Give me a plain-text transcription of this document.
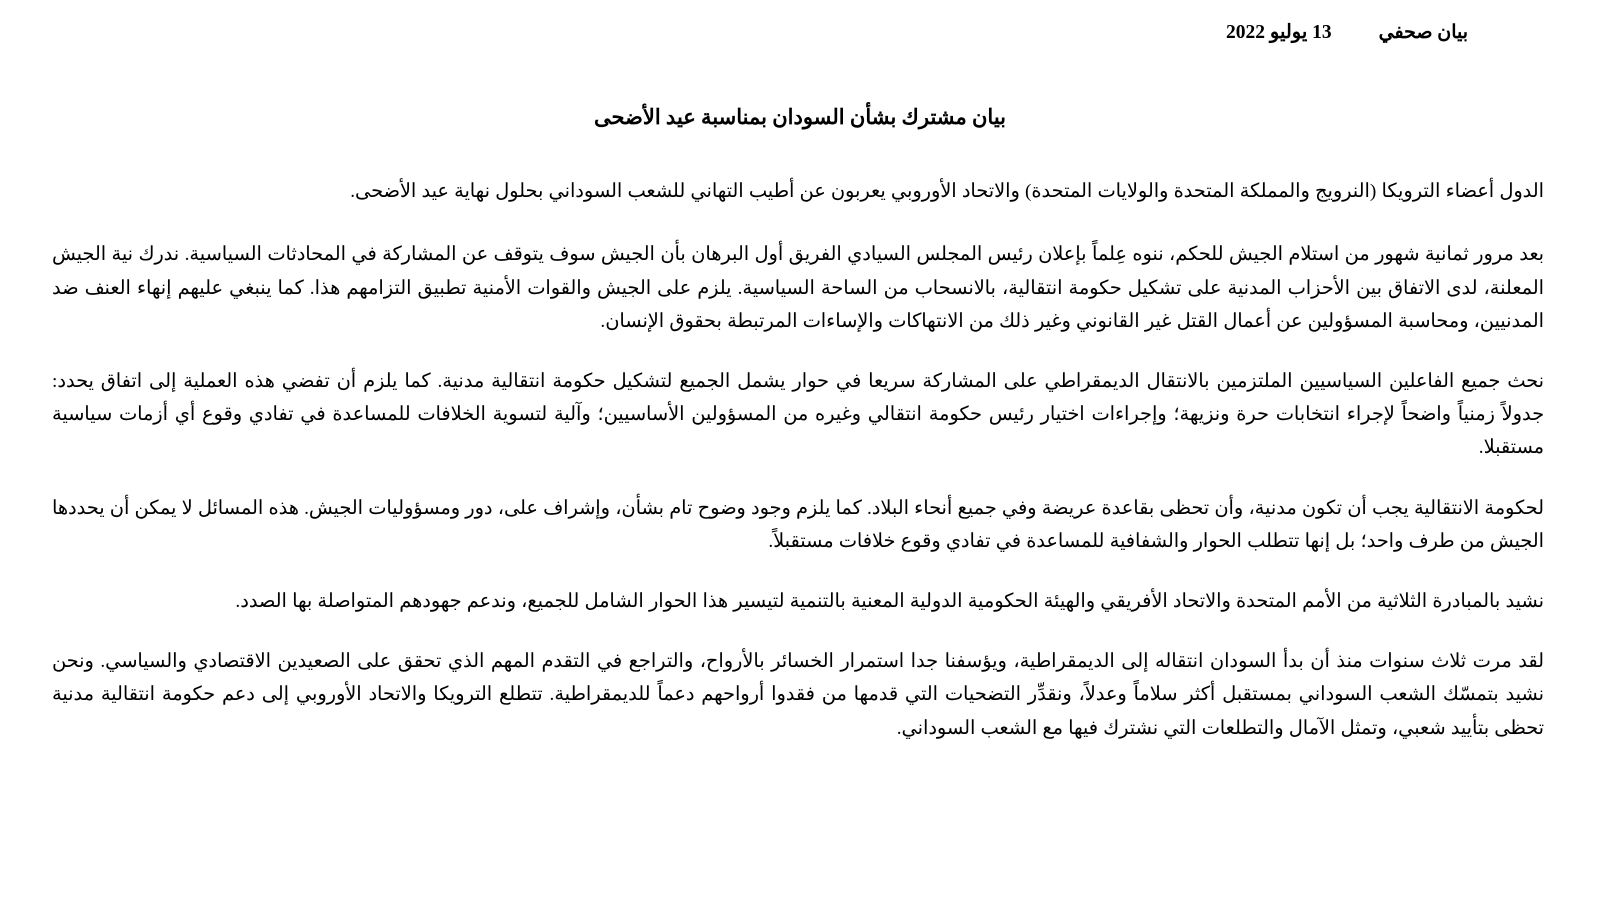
13 يوليو 2022 بيان صحفي
بيان مشترك بشأن السودان بمناسبة عيد الأضحى

الدول أعضاء الترويكا (النرويج والمملكة المتحدة والولايات المتحدة) والاتحاد الأوروبي يعربون عن أطيب التهاني للشعب السوداني بحلول نهاية عيد الأضحى.

بعد مرور ثمانية شهور من استلام الجيش للحكم، ننوه عِلماً بإعلان رئيس المجلس السيادي الفريق أول البرهان بأن الجيش سوف يتوقف عن المشاركة في المحادثات السياسية. ندرك نية الجيش المعلنة، لدى الاتفاق بين الأحزاب المدنية على تشكيل حكومة انتقالية، بالانسحاب من الساحة السياسية. يلزم على الجيش والقوات الأمنية تطبيق التزامهم هذا. كما ينبغي عليهم إنهاء العنف ضد المدنيين، ومحاسبة المسؤولين عن أعمال القتل غير القانوني وغير ذلك من الانتهاكات والإساءات المرتبطة بحقوق الإنسان.

نحث جميع الفاعلين السياسيين الملتزمين بالانتقال الديمقراطي على المشاركة سريعا في حوار يشمل الجميع لتشكيل حكومة انتقالية مدنية. كما يلزم أن تفضي هذه العملية إلى اتفاق يحدد: جدولاً زمنياً واضحاً لإجراء انتخابات حرة ونزيهة؛ وإجراءات اختيار رئيس حكومة انتقالي وغيره من المسؤولين الأساسيين؛ وآلية لتسوية الخلافات للمساعدة في تفادي وقوع أي أزمات سياسية مستقبلا.

لحكومة الانتقالية يجب أن تكون مدنية، وأن تحظى بقاعدة عريضة وفي جميع أنحاء البلاد. كما يلزم وجود وضوح تام بشأن، وإشراف على، دور ومسؤوليات الجيش. هذه المسائل لا يمكن أن يحددها الجيش من طرف واحد؛ بل إنها تتطلب الحوار والشفافية للمساعدة في تفادي وقوع خلافات مستقبلاً.

نشيد بالمبادرة الثلاثية من الأمم المتحدة والاتحاد الأفريقي والهيئة الحكومية الدولية المعنية بالتنمية لتيسير هذا الحوار الشامل للجميع، وندعم جهودهم المتواصلة بها الصدد.

لقد مرت ثلاث سنوات منذ أن بدأ السودان انتقاله إلى الديمقراطية، ويؤسفنا جدا استمرار الخسائر بالأرواح، والتراجع في التقدم المهم الذي تحقق على الصعيدين الاقتصادي والسياسي. ونحن نشيد بتمسّك الشعب السوداني بمستقبل أكثر سلاماً وعدلاً، ونقدِّر التضحيات التي قدمها من فقدوا أرواحهم دعماً للديمقراطية. تتطلع الترويكا والاتحاد الأوروبي إلى دعم حكومة انتقالية مدنية تحظى بتأييد شعبي، وتمثل الآمال والتطلعات التي نشترك فيها مع الشعب السوداني.
